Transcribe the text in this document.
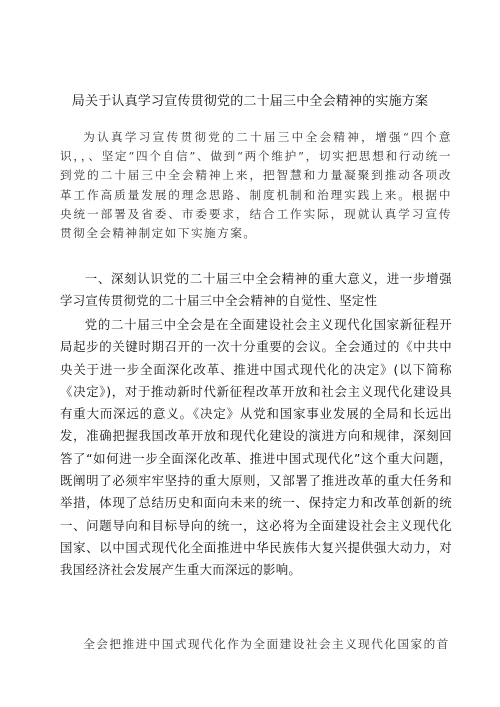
局关于认真学习宣传贯彻党的二十届三中全会精神的实施方案

为认真学习宣传贯彻党的二十届三中全会精神，增强“四个意识，，、坚定“四个自信”、做到“两个维护”，切实把思想和行动统一到党的二十届三中全会精神上来，把智慧和力量凝聚到推动各项改革工作高质量发展的理念思路、制度机制和治理实践上来。根据中央统一部署及省委、市委要求，结合工作实际，现就认真学习宣传贯彻全会精神制定如下实施方案。

一、深刻认识党的二十届三中全会精神的重大意义，进一步增强学习宣传贯彻党的二十届三中全会精神的自觉性、坚定性

党的二十届三中全会是在全面建设社会主义现代化国家新征程开局起步的关键时期召开的一次十分重要的会议。全会通过的《中共中央关于进一步全面深化改革、推进中国式现代化的决定》(以下简称《决定》)，对于推动新时代新征程改革开放和社会主义现代化建设具有重大而深远的意义。《决定》从党和国家事业发展的全局和长远出发，准确把握我国改革开放和现代化建设的演进方向和规律，深刻回答了“如何进一步全面深化改革、推进中国式现代化”这个重大问题，既阐明了必须牢牢坚持的重大原则，又部署了推进改革的重大任务和举措，体现了总结历史和面向未来的统一、保持定力和改革创新的统一、问题导向和目标导向的统一，这必将为全面建设社会主义现代化国家、以中国式现代化全面推进中华民族伟大复兴提供强大动力，对我国经济社会发展产生重大而深远的影响。

全会把推进中国式现代化作为全面建设社会主义现代化国家的首
